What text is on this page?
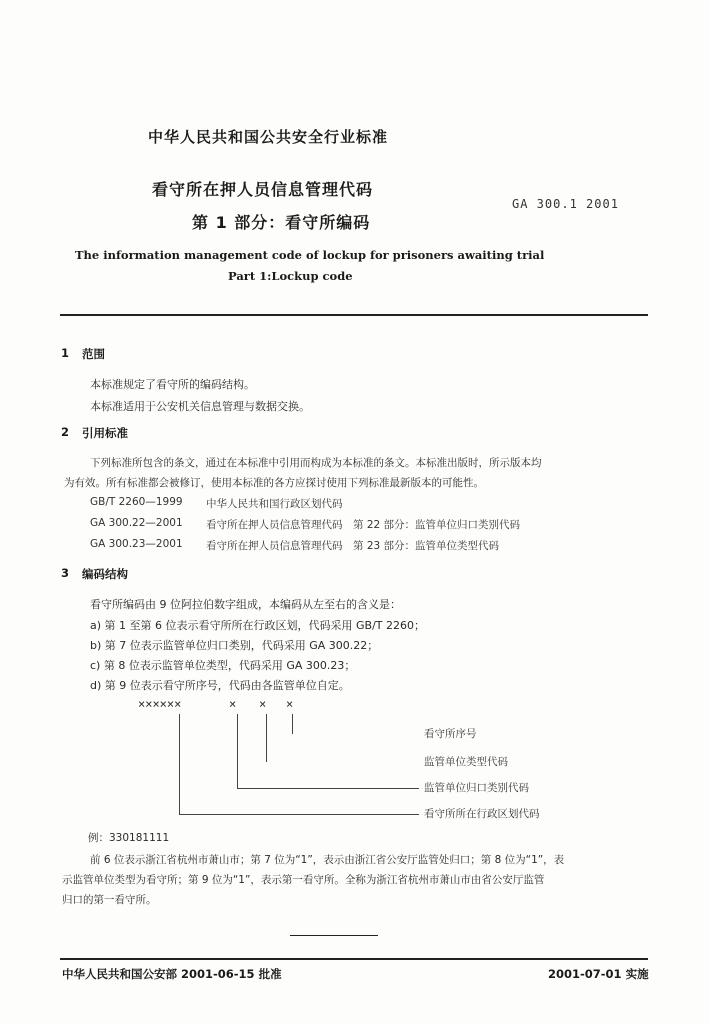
中华人民共和国公共安全行业标准
看守所在押人员信息管理代码
GA 300.1 2001
第 1 部分：看守所编码
The information management code of lockup for prisoners awaiting trial
Part 1:Lockup code
1 范围
本标准规定了看守所的编码结构。
本标准适用于公安机关信息管理与数据交换。
2 引用标准
下列标准所包含的条文，通过在本标准中引用而构成为本标准的条文。本标准出版时，所示版本均
为有效。所有标准都会被修订，使用本标准的各方应探讨使用下列标准最新版本的可能性。
GB/T 2260—1999 中华人民共和国行政区划代码
GA 300.22—2001 看守所在押人员信息管理代码　第 22 部分：监管单位归口类别代码
GA 300.23—2001 看守所在押人员信息管理代码　第 23 部分：监管单位类型代码
3 编码结构
看守所编码由 9 位阿拉伯数字组成，本编码从左至右的含义是：
a) 第 1 至第 6 位表示看守所所在行政区划，代码采用 GB/T 2260；
b) 第 7 位表示监管单位归口类别，代码采用 GA 300.22；
c) 第 8 位表示监管单位类型，代码采用 GA 300.23；
d) 第 9 位表示看守所序号，代码由各监管单位自定。
××××××	× × ×
看守所序号
监管单位类型代码
监管单位归口类别代码
看守所所在行政区划代码
例：330181111
前 6 位表示浙江省杭州市萧山市；第 7 位为“1”，表示由浙江省公安厅监管处归口；第 8 位为“1”，表
示监管单位类型为看守所；第 9 位为“1”，表示第一看守所。全称为浙江省杭州市萧山市由省公安厅监管
归口的第一看守所。
中华人民共和国公安部 2001-06-15 批准	2001-07-01 实施
